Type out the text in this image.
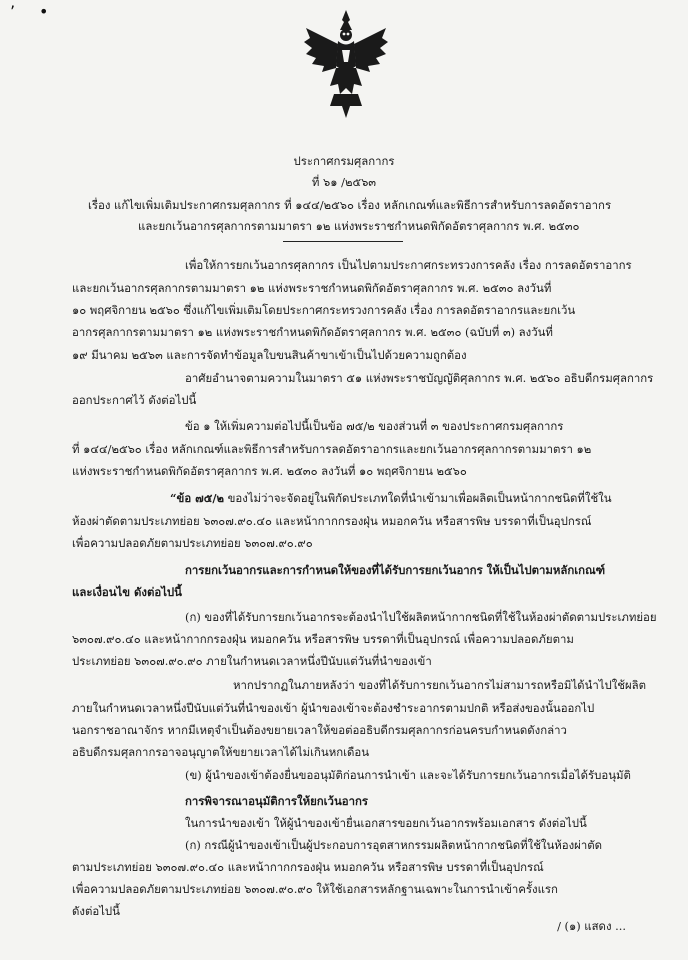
’ •
ประกาศกรมศุลกากร
ที่ ๖๑ /๒๕๖๓
เรื่อง แก้ไขเพิ่มเติมประกาศกรมศุลกากร ที่ ๑๔๔/๒๕๖๐ เรื่อง หลักเกณฑ์และพิธีการสำหรับการลดอัตราอากร
และยกเว้นอากรศุลกากรตามมาตรา ๑๒ แห่งพระราชกำหนดพิกัดอัตราศุลกากร พ.ศ. ๒๕๓๐
เพื่อให้การยกเว้นอากรศุลกากร เป็นไปตามประกาศกระทรวงการคลัง เรื่อง การลดอัตราอากร
และยกเว้นอากรศุลกากรตามมาตรา ๑๒ แห่งพระราชกำหนดพิกัดอัตราศุลกากร พ.ศ. ๒๕๓๐ ลงวันที่
๑๐ พฤศจิกายน ๒๕๖๐ ซึ่งแก้ไขเพิ่มเติมโดยประกาศกระทรวงการคลัง เรื่อง การลดอัตราอากรและยกเว้น
อากรศุลกากรตามมาตรา ๑๒ แห่งพระราชกำหนดพิกัดอัตราศุลกากร พ.ศ. ๒๕๓๐ (ฉบับที่ ๓) ลงวันที่
๑๙ มีนาคม ๒๕๖๓ และการจัดทำข้อมูลใบขนสินค้าขาเข้าเป็นไปด้วยความถูกต้อง
อาศัยอำนาจตามความในมาตรา ๕๑ แห่งพระราชบัญญัติศุลกากร พ.ศ. ๒๕๖๐ อธิบดีกรมศุลกากร
ออกประกาศไว้ ดังต่อไปนี้
ข้อ ๑ ให้เพิ่มความต่อไปนี้เป็นข้อ ๗๕/๒ ของส่วนที่ ๓ ของประกาศกรมศุลกากร
ที่ ๑๔๔/๒๕๖๐ เรื่อง หลักเกณฑ์และพิธีการสำหรับการลดอัตราอากรและยกเว้นอากรศุลกากรตามมาตรา ๑๒
แห่งพระราชกำหนดพิกัดอัตราศุลกากร พ.ศ. ๒๕๓๐ ลงวันที่ ๑๐ พฤศจิกายน ๒๕๖๐
“ข้อ ๗๕/๒ ของไม่ว่าจะจัดอยู่ในพิกัดประเภทใดที่นำเข้ามาเพื่อผลิตเป็นหน้ากากชนิดที่ใช้ใน
ห้องผ่าตัดตามประเภทย่อย ๖๓๐๗.๙๐.๔๐ และหน้ากากกรองฝุ่น หมอกควัน หรือสารพิษ บรรดาที่เป็นอุปกรณ์
เพื่อความปลอดภัยตามประเภทย่อย ๖๓๐๗.๙๐.๙๐
การยกเว้นอากรและการกำหนดให้ของที่ได้รับการยกเว้นอากร ให้เป็นไปตามหลักเกณฑ์
และเงื่อนไข ดังต่อไปนี้
(ก) ของที่ได้รับการยกเว้นอากรจะต้องนำไปใช้ผลิตหน้ากากชนิดที่ใช้ในห้องผ่าตัดตามประเภทย่อย
๖๓๐๗.๙๐.๔๐ และหน้ากากกรองฝุ่น หมอกควัน หรือสารพิษ บรรดาที่เป็นอุปกรณ์ เพื่อความปลอดภัยตาม
ประเภทย่อย ๖๓๐๗.๙๐.๙๐ ภายในกำหนดเวลาหนึ่งปีนับแต่วันที่นำของเข้า
หากปรากฏในภายหลังว่า ของที่ได้รับการยกเว้นอากรไม่สามารถหรือมิได้นำไปใช้ผลิต
ภายในกำหนดเวลาหนึ่งปีนับแต่วันที่นำของเข้า ผู้นำของเข้าจะต้องชำระอากรตามปกติ หรือส่งของนั้นออกไป
นอกราชอาณาจักร หากมีเหตุจำเป็นต้องขยายเวลาให้ขอต่ออธิบดีกรมศุลกากรก่อนครบกำหนดดังกล่าว
อธิบดีกรมศุลกากรอาจอนุญาตให้ขยายเวลาได้ไม่เกินหกเดือน
(ข) ผู้นำของเข้าต้องยื่นขออนุมัติก่อนการนำเข้า และจะได้รับการยกเว้นอากรเมื่อได้รับอนุมัติ
การพิจารณาอนุมัติการให้ยกเว้นอากร
ในการนำของเข้า ให้ผู้นำของเข้ายื่นเอกสารขอยกเว้นอากรพร้อมเอกสาร ดังต่อไปนี้
(ก) กรณีผู้นำของเข้าเป็นผู้ประกอบการอุตสาหกรรมผลิตหน้ากากชนิดที่ใช้ในห้องผ่าตัด
ตามประเภทย่อย ๖๓๐๗.๙๐.๔๐ และหน้ากากกรองฝุ่น หมอกควัน หรือสารพิษ บรรดาที่เป็นอุปกรณ์
เพื่อความปลอดภัยตามประเภทย่อย ๖๓๐๗.๙๐.๙๐ ให้ใช้เอกสารหลักฐานเฉพาะในการนำเข้าครั้งแรก
ดังต่อไปนี้
/ (๑) แสดง ...
